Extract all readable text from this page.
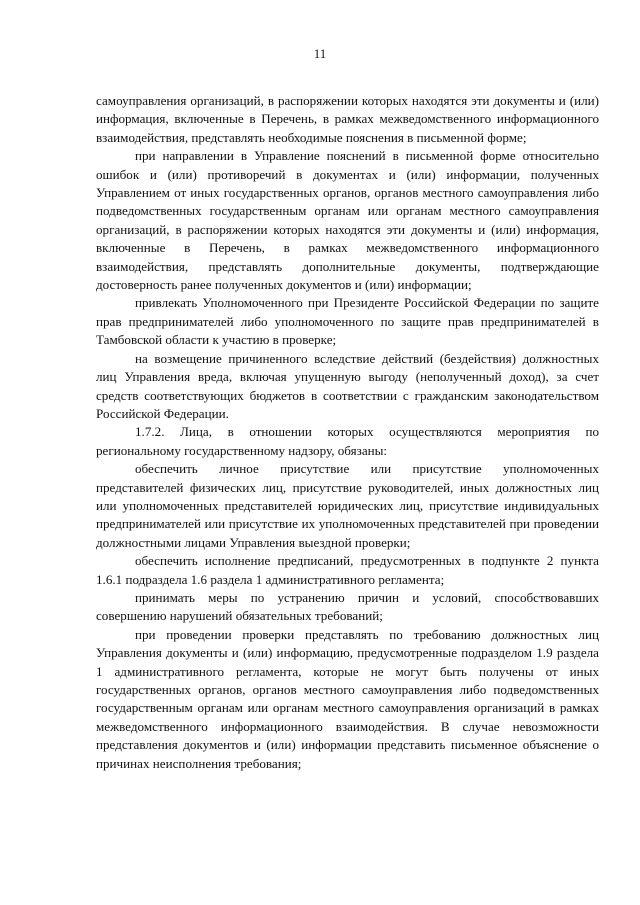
11

самоуправления организаций, в распоряжении которых находятся эти документы и (или) информация, включенные в Перечень, в рамках межведомственного информационного взаимодействия, представлять необходимые пояснения в письменной форме;

при направлении в Управление пояснений в письменной форме относительно ошибок и (или) противоречий в документах и (или) информации, полученных Управлением от иных государственных органов, органов местного самоуправления либо подведомственных государственным органам или органам местного самоуправления организаций, в распоряжении которых находятся эти документы и (или) информация, включенные в Перечень, в рамках межведомственного информационного взаимодействия, представлять дополнительные документы, подтверждающие достоверность ранее полученных документов и (или) информации;

привлекать Уполномоченного при Президенте Российской Федерации по защите прав предпринимателей либо уполномоченного по защите прав предпринимателей в Тамбовской области к участию в проверке;

на возмещение причиненного вследствие действий (бездействия) должностных лиц Управления вреда, включая упущенную выгоду (неполученный доход), за счет средств соответствующих бюджетов в соответствии с гражданским законодательством Российской Федерации.

1.7.2. Лица, в отношении которых осуществляются мероприятия по региональному государственному надзору, обязаны:

обеспечить личное присутствие или присутствие уполномоченных представителей физических лиц, присутствие руководителей, иных должностных лиц или уполномоченных представителей юридических лиц, присутствие индивидуальных предпринимателей или присутствие их уполномоченных представителей при проведении должностными лицами Управления выездной проверки;

обеспечить исполнение предписаний, предусмотренных в подпункте 2 пункта 1.6.1 подраздела 1.6 раздела 1 административного регламента;

принимать меры по устранению причин и условий, способствовавших совершению нарушений обязательных требований;

при проведении проверки представлять по требованию должностных лиц Управления документы и (или) информацию, предусмотренные подразделом 1.9 раздела 1 административного регламента, которые не могут быть получены от иных государственных органов, органов местного самоуправления либо подведомственных государственным органам или органам местного самоуправления организаций в рамках межведомственного информационного взаимодействия. В случае невозможности представления документов и (или) информации представить письменное объяснение о причинах неисполнения требования;
